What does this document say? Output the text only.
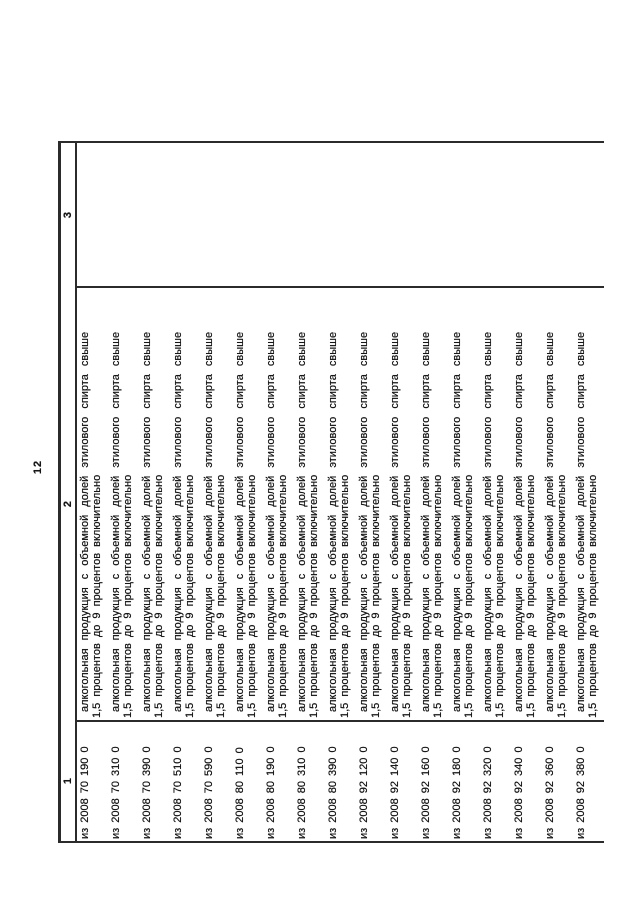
12
1	2	3
из 2008 70 190 0	алкогольная продукция с объемной долей этилового спирта свыше 1,5 процентов до 9 процентов включительно	

из 2008 70 310 0	алкогольная продукция с объемной долей этилового спирта свыше 1,5 процентов до 9 процентов включительно	

из 2008 70 390 0	алкогольная продукция с объемной долей этилового спирта свыше 1,5 процентов до 9 процентов включительно	

из 2008 70 510 0	алкогольная продукция с объемной долей этилового спирта свыше 1,5 процентов до 9 процентов включительно	

из 2008 70 590 0	алкогольная продукция с объемной долей этилового спирта свыше 1,5 процентов до 9 процентов включительно	

из 2008 80 110 0	алкогольная продукция с объемной долей этилового спирта свыше 1,5 процентов до 9 процентов включительно	

из 2008 80 190 0	алкогольная продукция с объемной долей этилового спирта свыше 1,5 процентов до 9 процентов включительно	

из 2008 80 310 0	алкогольная продукция с объемной долей этилового спирта свыше 1,5 процентов до 9 процентов включительно	

из 2008 80 390 0	алкогольная продукция с объемной долей этилового спирта свыше 1,5 процентов до 9 процентов включительно	

из 2008 92 120 0	алкогольная продукция с объемной долей этилового спирта свыше 1,5 процентов до 9 процентов включительно	

из 2008 92 140 0	алкогольная продукция с объемной долей этилового спирта свыше 1,5 процентов до 9 процентов включительно	

из 2008 92 160 0	алкогольная продукция с объемной долей этилового спирта свыше 1,5 процентов до 9 процентов включительно	

из 2008 92 180 0	алкогольная продукция с объемной долей этилового спирта свыше 1,5 процентов до 9 процентов включительно	

из 2008 92 320 0	алкогольная продукция с объемной долей этилового спирта свыше 1,5 процентов до 9 процентов включительно	

из 2008 92 340 0	алкогольная продукция с объемной долей этилового спирта свыше 1,5 процентов до 9 процентов включительно	

из 2008 92 360 0	алкогольная продукция с объемной долей этилового спирта свыше 1,5 процентов до 9 процентов включительно	

из 2008 92 380 0	алкогольная продукция с объемной долей этилового спирта свыше 1,5 процентов до 9 процентов включительно	
